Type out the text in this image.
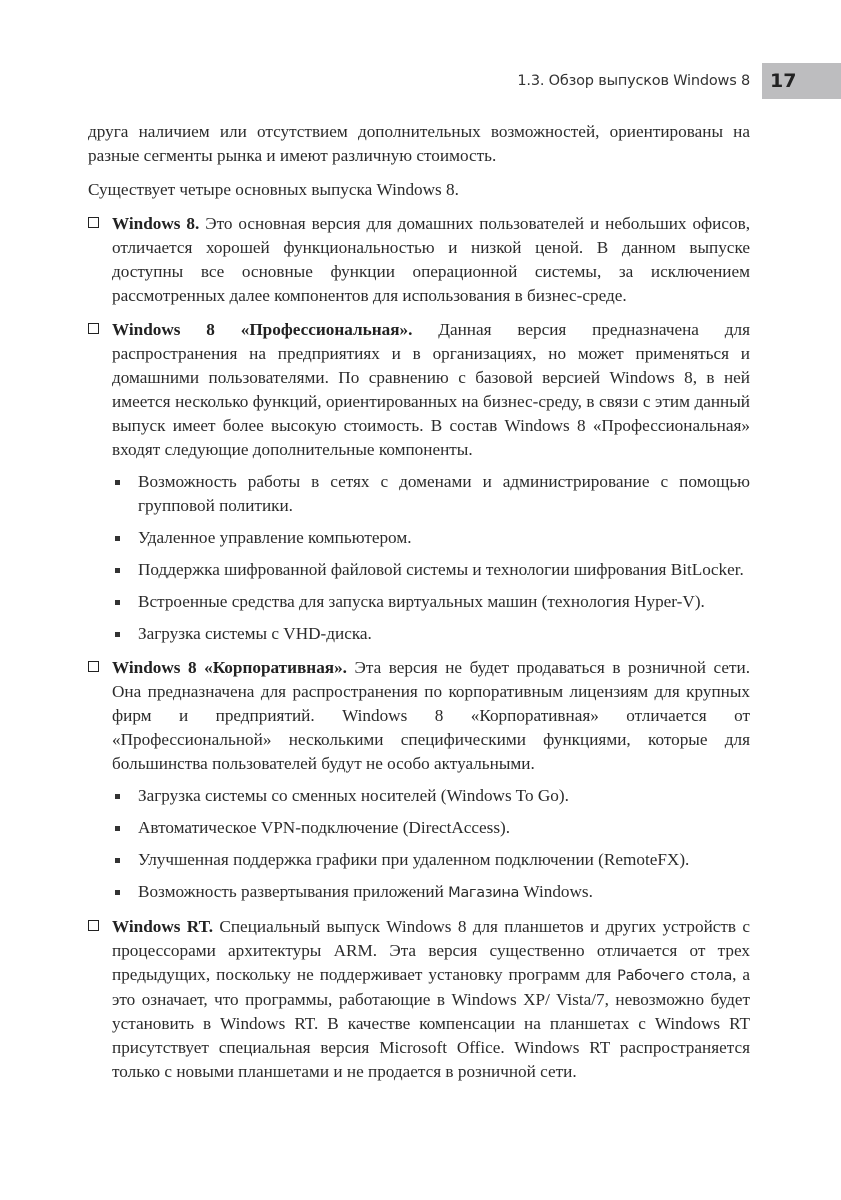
1.3. Обзор выпусков Windows 8	17

друга наличием или отсутствием дополнительных возможностей, ориентированы на разные сегменты рынка и имеют различную стоимость.

Существует четыре основных выпуска Windows 8.

Windows 8. Это основная версия для домашних пользователей и небольших офисов, отличается хорошей функциональностью и низкой ценой. В данном выпуске доступны все основные функции операционной системы, за исключением рассмотренных далее компонентов для использования в бизнес-среде.
Windows 8 «Профессиональная». Данная версия предназначена для распространения на предприятиях и в организациях, но может применяться и домашними пользователями. По сравнению с базовой версией Windows 8, в ней имеется несколько функций, ориентированных на бизнес-среду, в связи с этим данный выпуск имеет более высокую стоимость. В состав Windows 8 «Профессиональная» входят следующие дополнительные компоненты.
Возможность работы в сетях с доменами и администрирование с помощью групповой политики.
Удаленное управление компьютером.
Поддержка шифрованной файловой системы и технологии шифрования BitLocker.
Встроенные средства для запуска виртуальных машин (технология Hyper-V).
Загрузка системы с VHD-диска.
Windows 8 «Корпоративная». Эта версия не будет продаваться в розничной сети. Она предназначена для распространения по корпоративным лицензиям для крупных фирм и предприятий. Windows 8 «Корпоративная» отличается от «Профессиональной» несколькими специфическими функциями, которые для большинства пользователей будут не особо актуальными.
Загрузка системы со сменных носителей (Windows To Go).
Автоматическое VPN-подключение (DirectAccess).
Улучшенная поддержка графики при удаленном подключении (RemoteFX).
Возможность развертывания приложений Магазина Windows.
Windows RT. Специальный выпуск Windows 8 для планшетов и других устройств с процессорами архитектуры ARM. Эта версия существенно отличается от трех предыдущих, поскольку не поддерживает установку программ для Рабочего стола, а это означает, что программы, работающие в Windows XP/ Vista/7, невозможно будет установить в Windows RT. В качестве компенсации на планшетах с Windows RT присутствует специальная версия Microsoft Office. Windows RT распространяется только с новыми планшетами и не продается в розничной сети.
